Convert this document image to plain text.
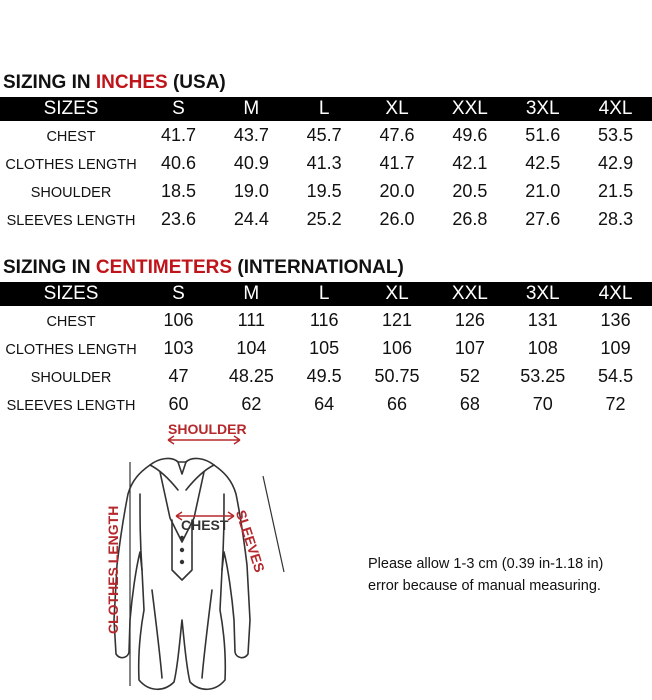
SIZING IN INCHES (USA)
SIZES	S	M	L	XL	XXL	3XL	4XL
CHEST	41.7	43.7	45.7	47.6	49.6	51.6	53.5
CLOTHES LENGTH	40.6	40.9	41.3	41.7	42.1	42.5	42.9
SHOULDER	18.5	19.0	19.5	20.0	20.5	21.0	21.5
SLEEVES LENGTH	23.6	24.4	25.2	26.0	26.8	27.6	28.3
SIZING IN CENTIMETERS (INTERNATIONAL)
SIZES	S	M	L	XL	XXL	3XL	4XL
CHEST	106	111	116	121	126	131	136
CLOTHES LENGTH	103	104	105	106	107	108	109
SHOULDER	47	48.25	49.5	50.75	52	53.25	54.5
SLEEVES LENGTH	60	62	64	66	68	70	72
SHOULDER
CHEST SLEEVES
CLOTHES LENGTH	Please allow 1-3 cm (0.39 in-1.18 in)
error because of manual measuring.
